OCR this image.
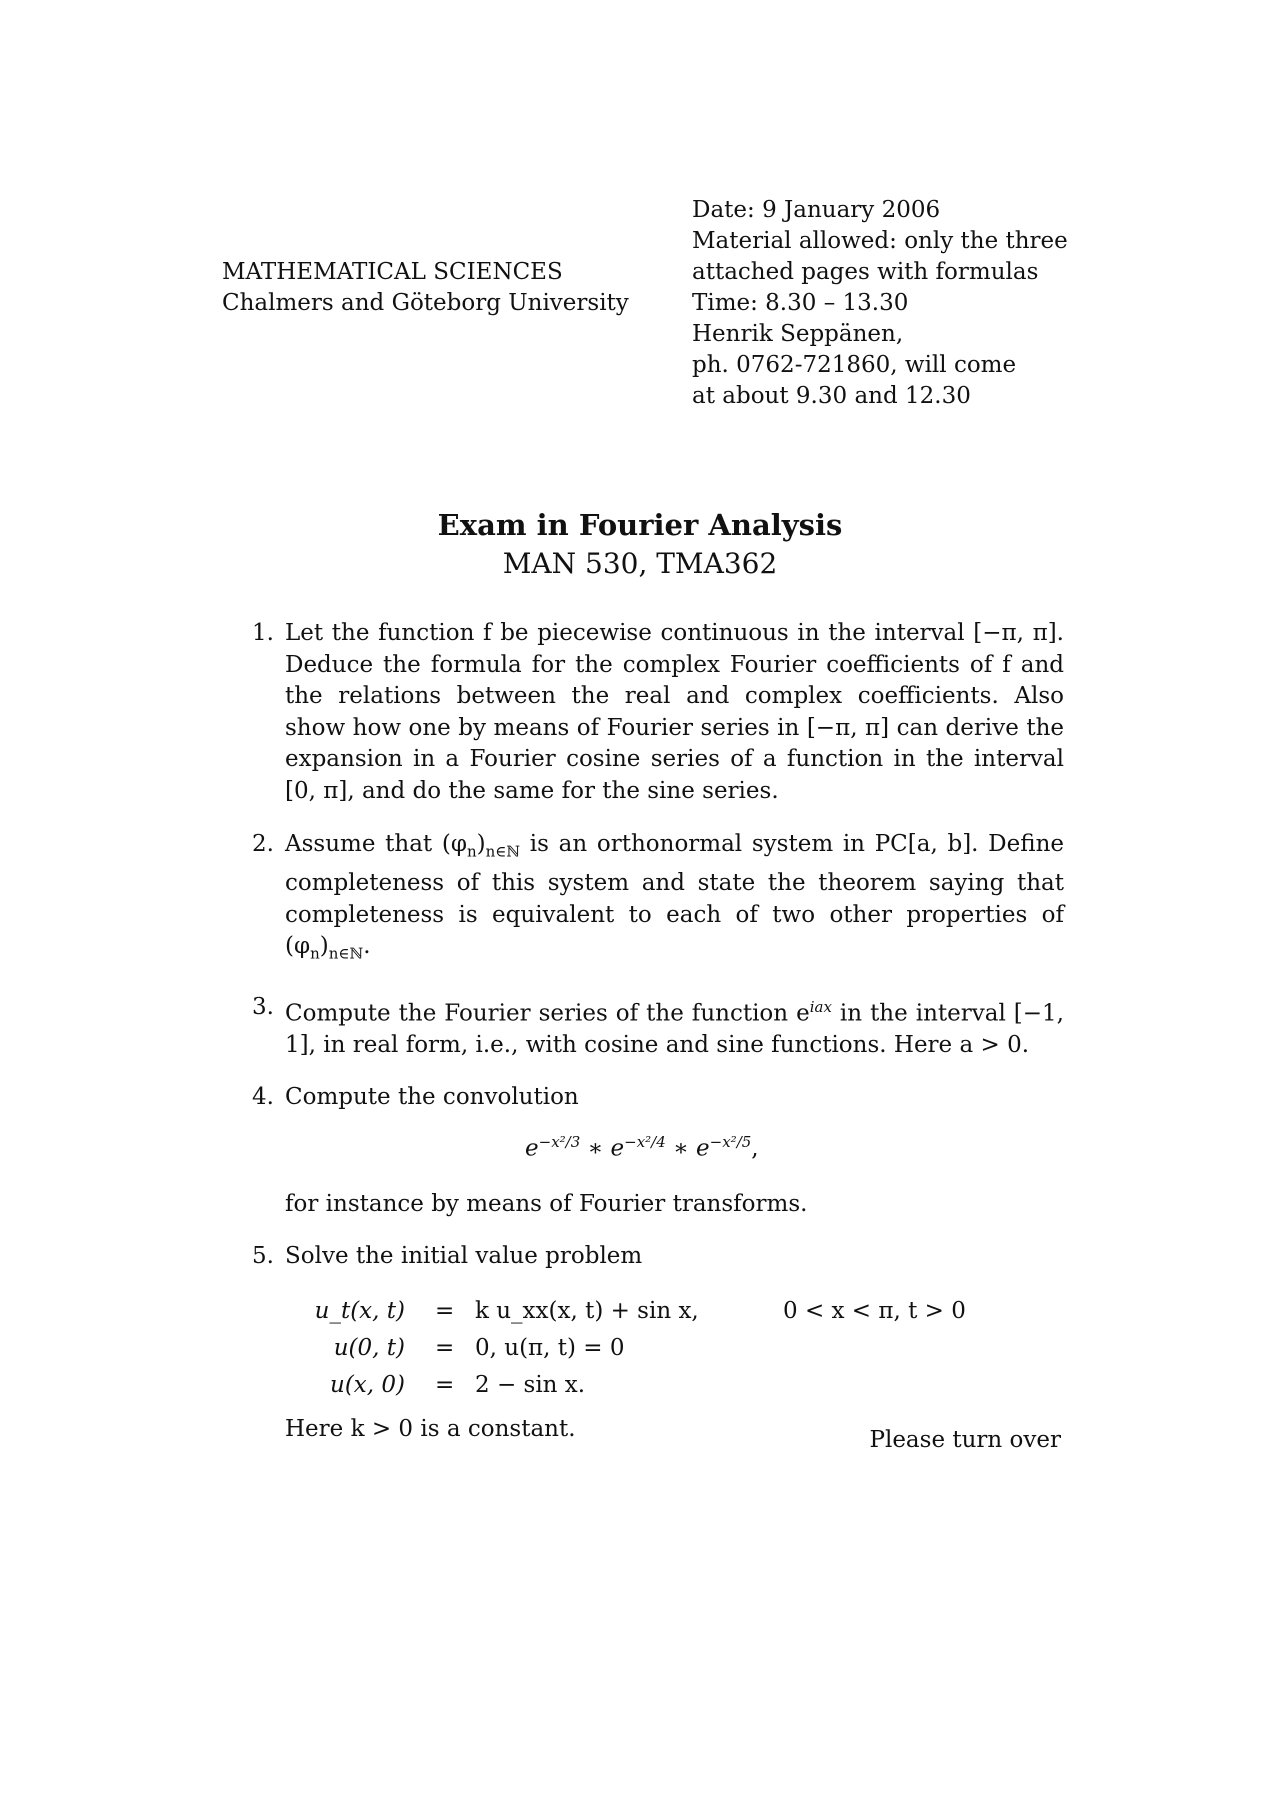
MATHEMATICAL SCIENCES
Chalmers and Göteborg University
Date: 9 January 2006
Material allowed: only the three
attached pages with formulas
Time: 8.30 – 13.30
Henrik Seppänen,
ph. 0762-721860, will come
at about 9.30 and 12.30
Exam in Fourier Analysis
MAN 530, TMA362
1. Let the function f be piecewise continuous in the interval [−π, π]. Deduce the formula for the complex Fourier coefficients of f and the relations between the real and complex coefficients. Also show how one by means of Fourier series in [−π, π] can derive the expansion in a Fourier cosine series of a function in the interval [0, π], and do the same for the sine series.
2. Assume that $(\varphi_n)_{n\in ℕ}$ is an orthonormal system in PC[a, b]. Define completeness of this system and state the theorem saying that completeness is equivalent to each of two other properties of $(\varphi_n)_{n\in ℕ}$.
3. Compute the Fourier series of the function $e^{iax}$ in the interval [−1, 1], in real form, i.e., with cosine and sine functions. Here a > 0.
4. Compute the convolution
$e^{-x^2/3}$ ∗ $e^{-x^2/4}$ ∗ $e^{-x^2/5}$,
for instance by means of Fourier transforms.
5. Solve the initial value problem
u_t(x, t) = k u_xx(x, t) + sin x,	0 < x < π, t > 0
u(0, t) = 0, u(π, t) = 0
u(x, 0) = 2 − sin x.
Here k > 0 is a constant.	Please turn over
